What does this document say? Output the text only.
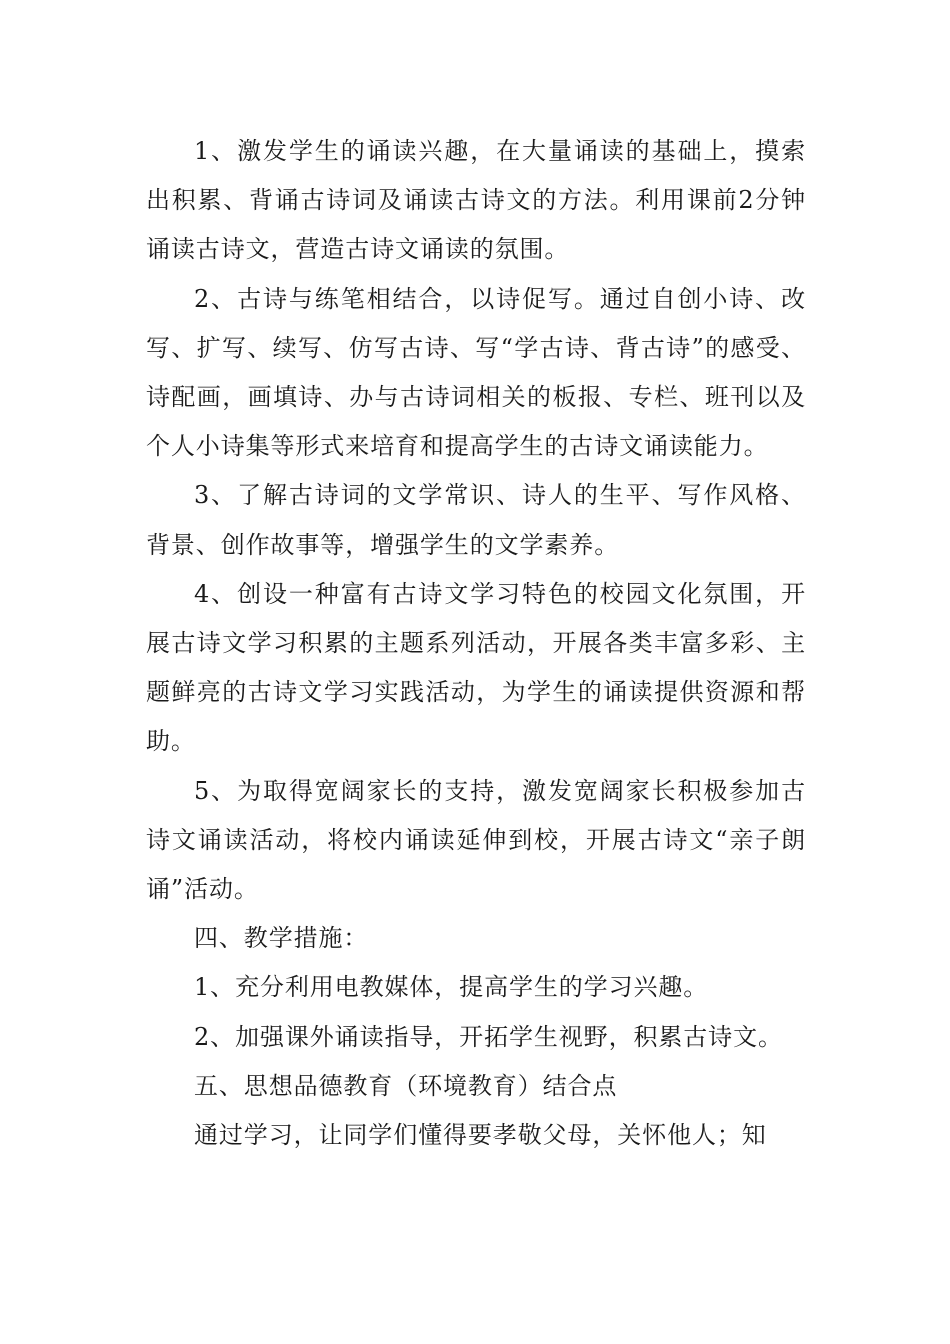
1、激发学生的诵读兴趣，在大量诵读的基础上，摸索出积累、背诵古诗词及诵读古诗文的方法。利用课前2分钟诵读古诗文，营造古诗文诵读的氛围。

2、古诗与练笔相结合，以诗促写。通过自创小诗、改写、扩写、续写、仿写古诗、写“学古诗、背古诗”的感受、诗配画，画填诗、办与古诗词相关的板报、专栏、班刊以及个人小诗集等形式来培育和提高学生的古诗文诵读能力。

3、了解古诗词的文学常识、诗人的生平、写作风格、背景、创作故事等，增强学生的文学素养。

4、创设一种富有古诗文学习特色的校园文化氛围，开展古诗文学习积累的主题系列活动，开展各类丰富多彩、主题鲜亮的古诗文学习实践活动，为学生的诵读提供资源和帮助。

5、为取得宽阔家长的支持，激发宽阔家长积极参加古诗文诵读活动，将校内诵读延伸到校，开展古诗文“亲子朗诵”活动。

四、教学措施：

1、充分利用电教媒体，提高学生的学习兴趣。

2、加强课外诵读指导，开拓学生视野，积累古诗文。

五、思想品德教育（环境教育）结合点

通过学习，让同学们懂得要孝敬父母，关怀他人；知
